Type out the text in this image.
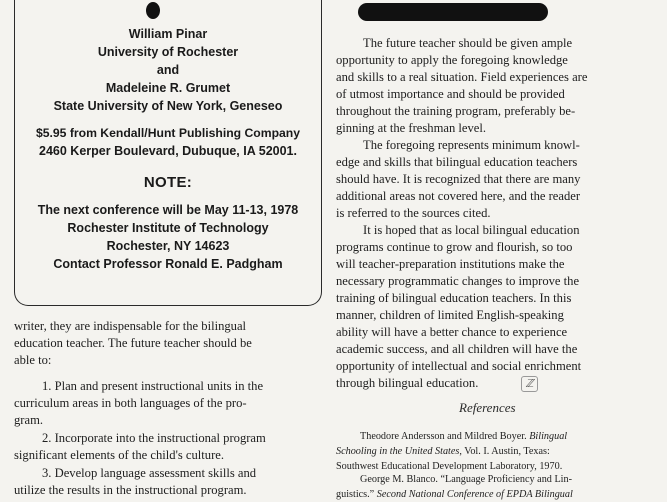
William Pinar
University of Rochester
and
Madeleine R. Grumet
State University of New York, Geneseo
$5.95 from Kendall/Hunt Publishing Company
2460 Kerper Boulevard, Dubuque, IA 52001.
NOTE:
The next conference will be May 11-13, 1978
Rochester Institute of Technology
Rochester, NY 14623
Contact Professor Ronald E. Padgham
writer, they are indispensable for the bilingual
education teacher. The future teacher should be
able to:
1. Plan and present instructional units in the
curriculum areas in both languages of the pro-
gram.
2. Incorporate into the instructional program
significant elements of the child's culture.
3. Develop language assessment skills and
utilize the results in the instructional program.
The future teacher should be given ample
opportunity to apply the foregoing knowledge
and skills to a real situation. Field experiences are
of utmost importance and should be provided
throughout the training program, preferably be-
ginning at the freshman level.
The foregoing represents minimum knowl-
edge and skills that bilingual education teachers
should have. It is recognized that there are many
additional areas not covered here, and the reader
is referred to the sources cited.
It is hoped that as local bilingual education
programs continue to grow and flourish, so too
will teacher-preparation institutions make the
necessary programmatic changes to improve the
training of bilingual education teachers. In this
manner, children of limited English-speaking
ability will have a better chance to experience
academic success, and all children will have the
opportunity of intellectual and social enrichment
through bilingual education.	ℤ
References
Theodore Andersson and Mildred Boyer. Bilingual
Schooling in the United States, Vol. I. Austin, Texas:
Southwest Educational Development Laboratory, 1970.
George M. Blanco. “Language Proficiency and Lin-
guistics.” Second National Conference of EPDA Bilingual
